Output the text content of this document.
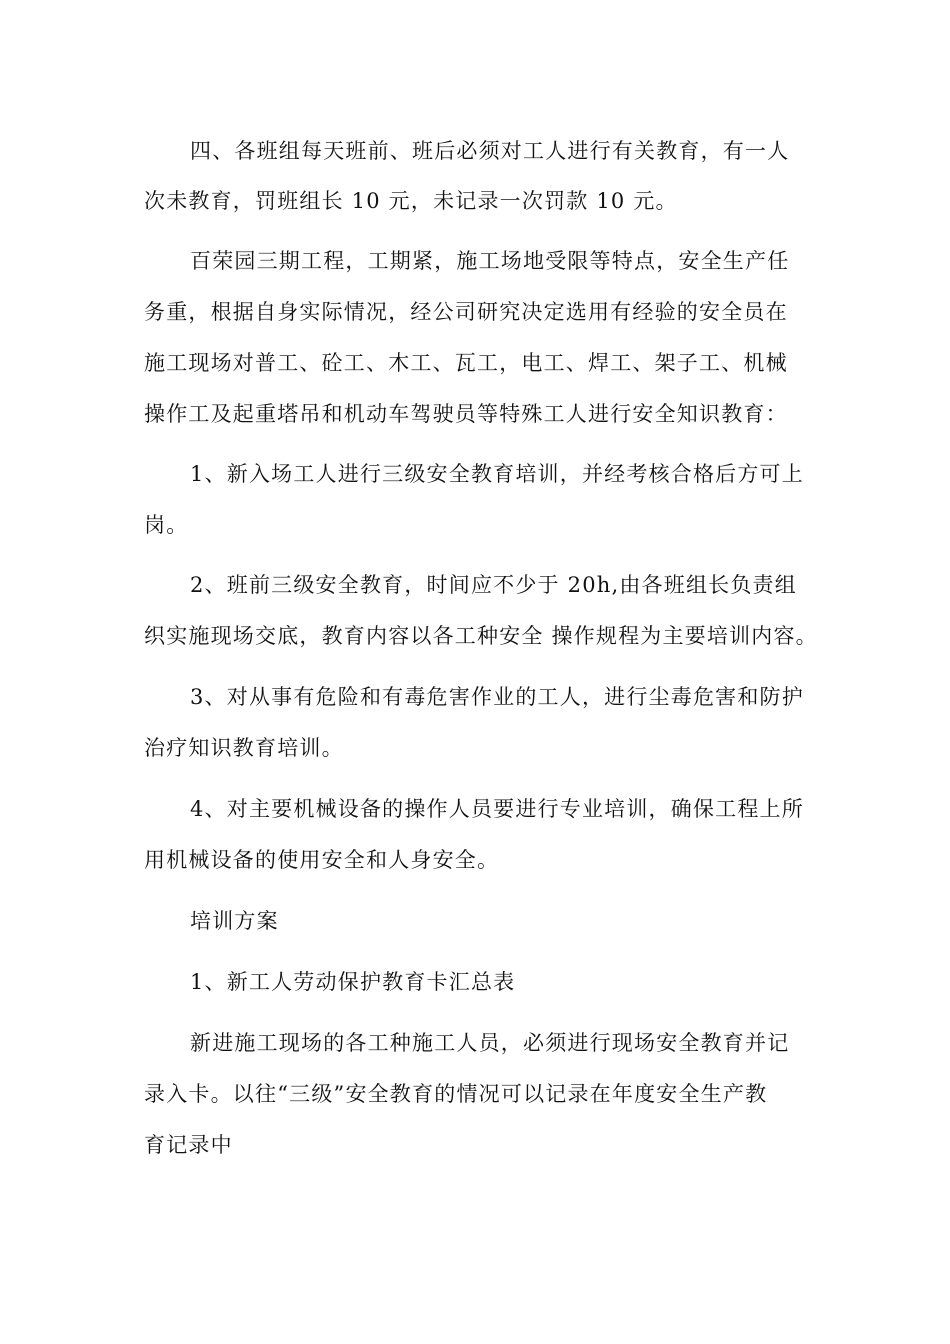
四、各班组每天班前、班后必须对工人进行有关教育，有一人
次未教育，罚班组长 10 元，未记录一次罚款 10 元。
百荣园三期工程，工期紧，施工场地受限等特点，安全生产任
务重，根据自身实际情况，经公司研究决定选用有经验的安全员在
施工现场对普工、砼工、木工、瓦工，电工、焊工、架子工、机械
操作工及起重塔吊和机动车驾驶员等特殊工人进行安全知识教育：
1、新入场工人进行三级安全教育培训，并经考核合格后方可上
岗。
2、班前三级安全教育，时间应不少于 20h,由各班组长负责组
织实施现场交底，教育内容以各工种安全 操作规程为主要培训内容。
3、对从事有危险和有毒危害作业的工人，进行尘毒危害和防护
治疗知识教育培训。
4、对主要机械设备的操作人员要进行专业培训，确保工程上所
用机械设备的使用安全和人身安全。
培训方案
1、新工人劳动保护教育卡汇总表
新进施工现场的各工种施工人员，必须进行现场安全教育并记
录入卡。以往“三级”安全教育的情况可以记录在年度安全生产教
育记录中
